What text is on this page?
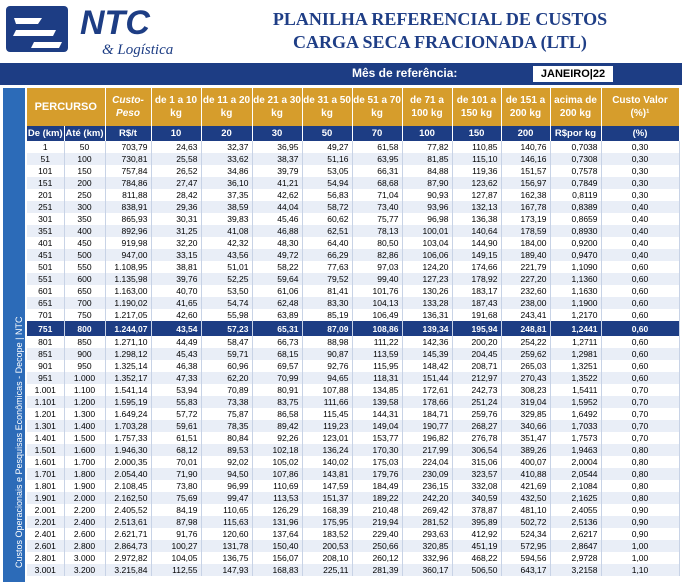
NTC
& Logística
PLANILHA REFERENCIAL DE CUSTOS
CARGA SECA FRACIONADA (LTL)
Mês de referência:	JANEIRO|22
Custos Operacionais e Pesquisas Econômicas - Decope | NTC
PERCURSO		Custo-Peso	de 1 a 10 kg	de 11 a 20 kg	de 21 a 30 kg	de 31 a 50 kg	de 51 a 70 kg	de 71 a 100 kg	de 101 a 150 kg	de 151 a 200 kg	acima de 200 kg	Custo Valor (%)¹
De (km)	Até (km)	R$/t	10	20	30	50	70	100	150	200	R$por kg	(%)
1	50	703,79	24,63	32,37	36,95	49,27	61,58	77,82	110,85	140,76	0,7038	0,30
51	100	730,81	25,58	33,62	38,37	51,16	63,95	81,85	115,10	146,16	0,7308	0,30
101	150	757,84	26,52	34,86	39,79	53,05	66,31	84,88	119,36	151,57	0,7578	0,30
151	200	784,86	27,47	36,10	41,21	54,94	68,68	87,90	123,62	156,97	0,7849	0,30
201	250	811,88	28,42	37,35	42,62	56,83	71,04	90,93	127,87	162,38	0,8119	0,30
251	300	838,91	29,36	38,59	44,04	58,72	73,40	93,96	132,13	167,78	0,8389	0,40
301	350	865,93	30,31	39,83	45,46	60,62	75,77	96,98	136,38	173,19	0,8659	0,40
351	400	892,96	31,25	41,08	46,88	62,51	78,13	100,01	140,64	178,59	0,8930	0,40
401	450	919,98	32,20	42,32	48,30	64,40	80,50	103,04	144,90	184,00	0,9200	0,40
451	500	947,00	33,15	43,56	49,72	66,29	82,86	106,06	149,15	189,40	0,9470	0,40
501	550	1.108,95	38,81	51,01	58,22	77,63	97,03	124,20	174,66	221,79	1,1090	0,60
551	600	1.135,98	39,76	52,25	59,64	79,52	99,40	127,23	178,92	227,20	1,1360	0,60
601	650	1.163,00	40,70	53,50	61,06	81,41	101,76	130,26	183,17	232,60	1,1630	0,60
651	700	1.190,02	41,65	54,74	62,48	83,30	104,13	133,28	187,43	238,00	1,1900	0,60
701	750	1.217,05	42,60	55,98	63,89	85,19	106,49	136,31	191,68	243,41	1,2170	0,60
751	800	1.244,07	43,54	57,23	65,31	87,09	108,86	139,34	195,94	248,81	1,2441	0,60
801	850	1.271,10	44,49	58,47	66,73	88,98	111,22	142,36	200,20	254,22	1,2711	0,60
851	900	1.298,12	45,43	59,71	68,15	90,87	113,59	145,39	204,45	259,62	1,2981	0,60
901	950	1.325,14	46,38	60,96	69,57	92,76	115,95	148,42	208,71	265,03	1,3251	0,60
951	1.000	1.352,17	47,33	62,20	70,99	94,65	118,31	151,44	212,97	270,43	1,3522	0,60
1.001	1.100	1.541,14	53,94	70,89	80,91	107,88	134,85	172,61	242,73	308,23	1,5411	0,70
1.101	1.200	1.595,19	55,83	73,38	83,75	111,66	139,58	178,66	251,24	319,04	1,5952	0,70
1.201	1.300	1.649,24	57,72	75,87	86,58	115,45	144,31	184,71	259,76	329,85	1,6492	0,70
1.301	1.400	1.703,28	59,61	78,35	89,42	119,23	149,04	190,77	268,27	340,66	1,7033	0,70
1.401	1.500	1.757,33	61,51	80,84	92,26	123,01	153,77	196,82	276,78	351,47	1,7573	0,70
1.501	1.600	1.946,30	68,12	89,53	102,18	136,24	170,30	217,99	306,54	389,26	1,9463	0,80
1.601	1.700	2.000,35	70,01	92,02	105,02	140,02	175,03	224,04	315,06	400,07	2,0004	0,80
1.701	1.800	2.054,40	71,90	94,50	107,86	143,81	179,76	230,09	323,57	410,88	2,0544	0,80
1.801	1.900	2.108,45	73,80	96,99	110,69	147,59	184,49	236,15	332,08	421,69	2,1084	0,80
1.901	2.000	2.162,50	75,69	99,47	113,53	151,37	189,22	242,20	340,59	432,50	2,1625	0,80
2.001	2.200	2.405,52	84,19	110,65	126,29	168,39	210,48	269,42	378,87	481,10	2,4055	0,90
2.201	2.400	2.513,61	87,98	115,63	131,96	175,95	219,94	281,52	395,89	502,72	2,5136	0,90
2.401	2.600	2.621,71	91,76	120,60	137,64	183,52	229,40	293,63	412,92	524,34	2,6217	0,90
2.601	2.800	2.864,73	100,27	131,78	150,40	200,53	250,66	320,85	451,19	572,95	2,8647	1,00
2.801	3.000	2.972,82	104,05	136,75	156,07	208,10	260,12	332,96	468,22	594,56	2,9728	1,00
3.001	3.200	3.215,84	112,55	147,93	168,83	225,11	281,39	360,17	506,50	643,17	3,2158	1,10
